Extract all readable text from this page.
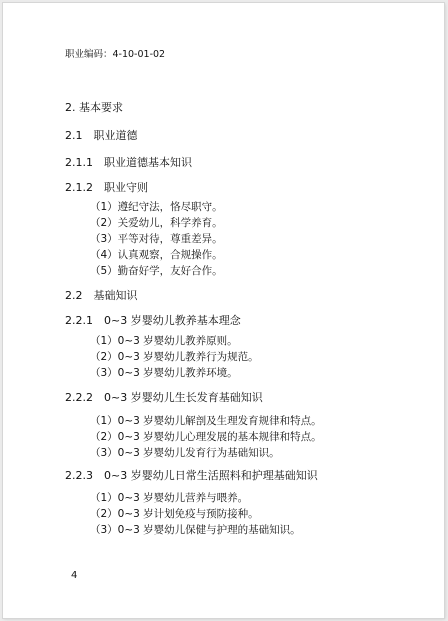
职业编码：4-10-01-02
2. 基本要求
2.1　职业道德
2.1.1　职业道德基本知识
2.1.2　职业守则
（1）遵纪守法，恪尽职守。
（2）关爱幼儿，科学养育。
（3）平等对待，尊重差异。
（4）认真观察，合规操作。
（5）勤奋好学，友好合作。
2.2　基础知识
2.2.1　0~3 岁婴幼儿教养基本理念
（1）0~3 岁婴幼儿教养原则。
（2）0~3 岁婴幼儿教养行为规范。
（3）0~3 岁婴幼儿教养环境。
2.2.2　0~3 岁婴幼儿生长发育基础知识
（1）0~3 岁婴幼儿解剖及生理发育规律和特点。
（2）0~3 岁婴幼儿心理发展的基本规律和特点。
（3）0~3 岁婴幼儿发育行为基础知识。
2.2.3　0~3 岁婴幼儿日常生活照料和护理基础知识
（1）0~3 岁婴幼儿营养与喂养。
（2）0~3 岁计划免疫与预防接种。
（3）0~3 岁婴幼儿保健与护理的基础知识。
4
